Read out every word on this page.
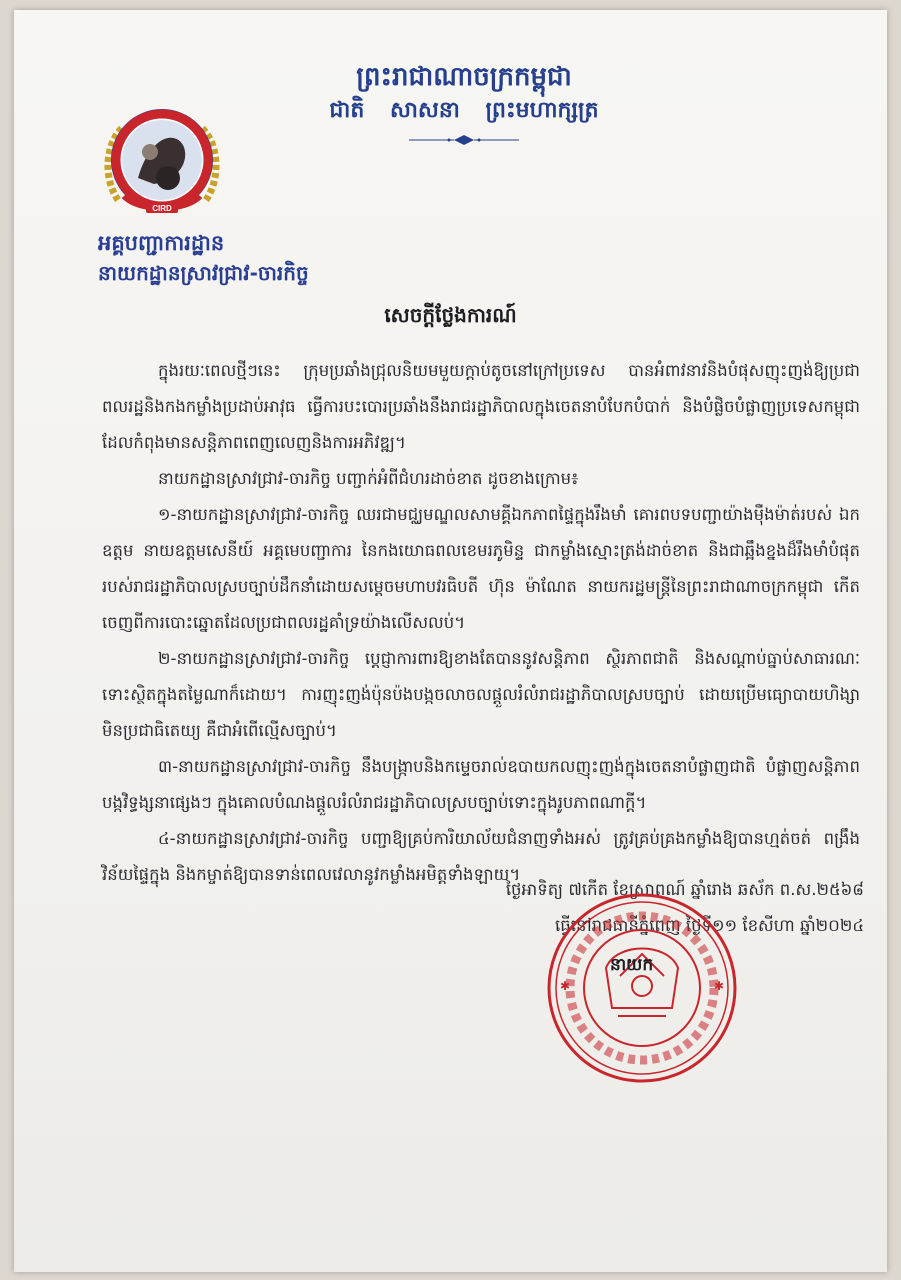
ព្រះរាជាណាចក្រកម្ពុជា
ជាតិ សាសនា ព្រះមហាក្សត្រ
CIRD
អគ្គបញ្ជាការដ្ឋាន
នាយកដ្ឋានស្រាវជ្រាវ-ចារកិច្ច
សេចក្តីថ្លែងការណ៍

ក្នុងរយៈពេលថ្មីៗនេះ ក្រុមប្រឆាំងជ្រុលនិយមមួយក្តាប់តូចនៅក្រៅប្រទេស បានអំពាវនាវនិងបំផុសញុះញង់ឱ្យប្រជាពលរដ្ឋនិងកងកម្លាំងប្រដាប់អាវុធ ធ្វើការបះបោរប្រឆាំងនឹងរាជរដ្ឋាភិបាលក្នុងចេតនាបំបែកបំបាក់ និងបំផ្លិចបំផ្លាញប្រទេសកម្ពុជា ដែលកំពុងមានសន្តិភាពពេញលេញនិងការអភិវឌ្ឍ។

នាយកដ្ឋានស្រាវជ្រាវ-ចារកិច្ច បញ្ជាក់អំពីជំហរដាច់ខាត ដូចខាងក្រោម៖

១-នាយកដ្ឋានស្រាវជ្រាវ-ចារកិច្ច ឈរជាមជ្ឈមណ្ឌលសាមគ្គីឯកភាពផ្ទៃក្នុងរឹងមាំ គោរពបទបញ្ជាយ៉ាងម៉ឺងម៉ាត់របស់ ឯកឧត្តម នាយឧត្តមសេនីយ៍ អគ្គមេបញ្ជាការ នៃកងយោធពលខេមរភូមិន្ទ ជាកម្លាំងស្មោះត្រង់ដាច់ខាត និងជាឆ្អឹងខ្នងដ៏រឹងមាំបំផុតរបស់រាជរដ្ឋាភិបាលស្របច្បាប់ដឹកនាំដោយសម្តេចមហាបវរធិបតី ហ៊ុន ម៉ាណែត នាយករដ្ឋមន្ត្រីនៃព្រះរាជាណាចក្រកម្ពុជា កើតចេញពីការបោះឆ្នោតដែលប្រជាពលរដ្ឋគាំទ្រយ៉ាងលើសលប់។

២-នាយកដ្ឋានស្រាវជ្រាវ-ចារកិច្ច ប្តេជ្ញាការពារឱ្យខាងតែបាននូវសន្តិភាព ស្ថិរភាពជាតិ និងសណ្តាប់ធ្នាប់សាធារណៈ ទោះស្ថិតក្នុងតម្លៃណាក៏ដោយ។ ការញុះញង់ប៉ុនប៉ងបង្កចលាចលផ្តួលរំលំរាជរដ្ឋាភិបាលស្របច្បាប់ ដោយប្រើមធ្យោបាយហិង្សា មិនប្រជាធិតេយ្យ គឺជាអំពើល្មើសច្បាប់។

៣-នាយកដ្ឋានស្រាវជ្រាវ-ចារកិច្ច នឹងបង្ក្រាបនិងកម្ទេចរាល់ឧបាយកលញុះញង់ក្នុងចេតនាបំផ្លាញជាតិ បំផ្លាញសន្តិភាព បង្កវិទ្ធង្សនាផ្សេងៗ ក្នុងគោលបំណងផ្តួលរំលំរាជរដ្ឋាភិបាលស្របច្បាប់ទោះក្នុងរូបភាពណាក្តី។

៤-នាយកដ្ឋានស្រាវជ្រាវ-ចារកិច្ច បញ្ជាឱ្យគ្រប់ការិយាល័យជំនាញទាំងអស់ ត្រូវគ្រប់គ្រងកម្លាំងឱ្យបានហ្មត់ចត់ ពង្រឹងវិន័យផ្ទៃក្នុង និងកម្ចាត់ឱ្យបានទាន់ពេលវេលានូវកម្លាំងអមិត្តទាំងឡាយ។

ថ្ងៃអាទិត្យ ៧កើត ខែស្រាពណ៍ ឆ្នាំរោង ឆស័ក ព.ស.២៥៦៨
ធ្វើនៅរាជធានីភ្នំពេញ ថ្ងៃទី១១ ខែសីហា ឆ្នាំ២០២៤
✱	✱
នាយក
